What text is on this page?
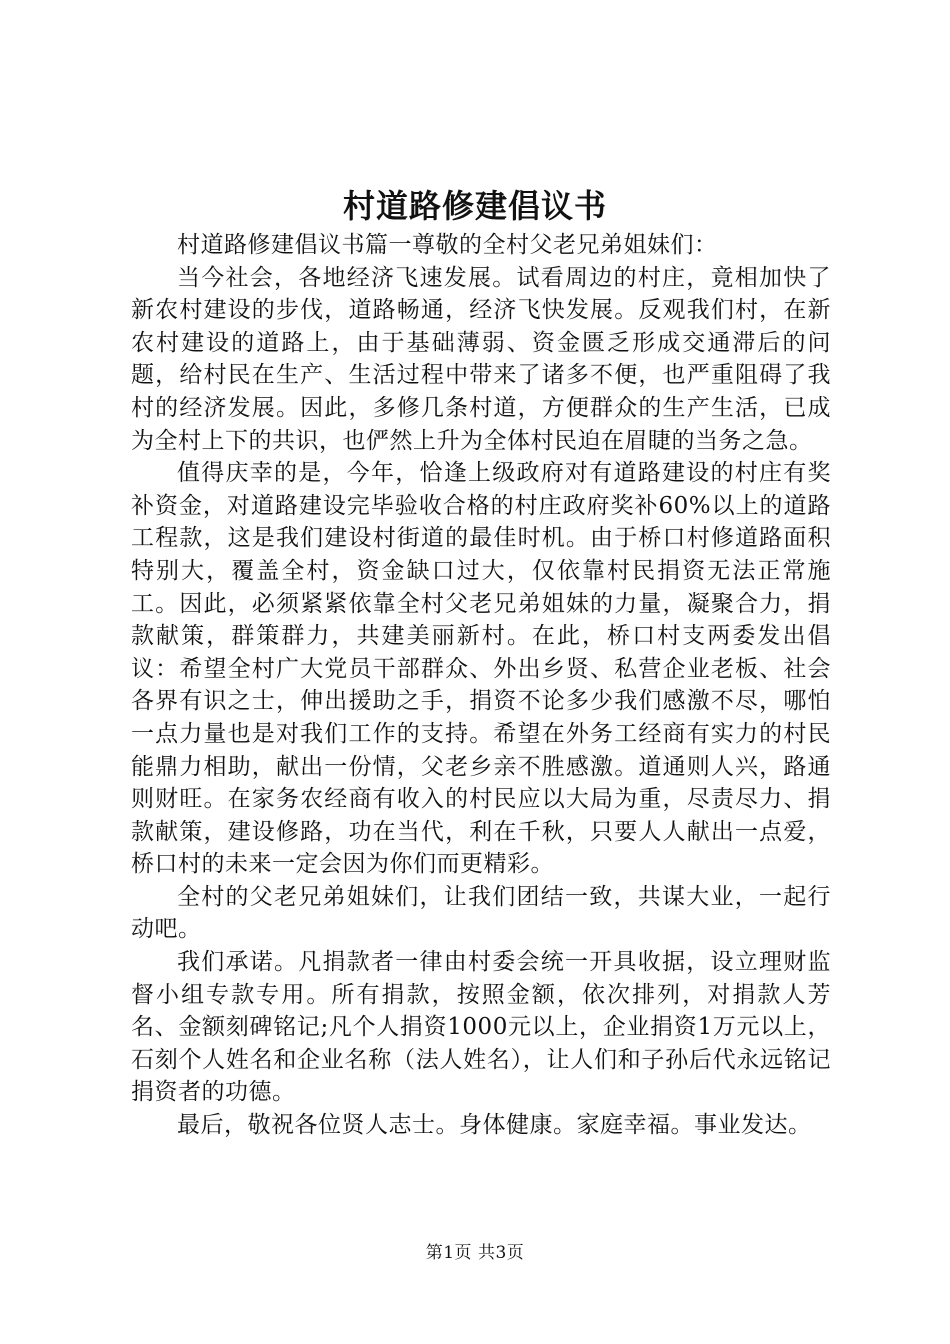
村道路修建倡议书

村道路修建倡议书篇一尊敬的全村父老兄弟姐妹们：

当今社会，各地经济飞速发展。试看周边的村庄，竟相加快了新农村建设的步伐，道路畅通，经济飞快发展。反观我们村，在新农村建设的道路上，由于基础薄弱、资金匮乏形成交通滞后的问题，给村民在生产、生活过程中带来了诸多不便，也严重阻碍了我村的经济发展。因此，多修几条村道，方便群众的生产生活，已成为全村上下的共识，也俨然上升为全体村民迫在眉睫的当务之急。

值得庆幸的是，今年，恰逢上级政府对有道路建设的村庄有奖补资金，对道路建设完毕验收合格的村庄政府奖补60%以上的道路工程款，这是我们建设村街道的最佳时机。由于桥口村修道路面积特别大，覆盖全村，资金缺口过大，仅依靠村民捐资无法正常施工。因此，必须紧紧依靠全村父老兄弟姐妹的力量，凝聚合力，捐款献策，群策群力，共建美丽新村。在此，桥口村支两委发出倡议：希望全村广大党员干部群众、外出乡贤、私营企业老板、社会各界有识之士，伸出援助之手，捐资不论多少我们感激不尽，哪怕一点力量也是对我们工作的支持。希望在外务工经商有实力的村民能鼎力相助，献出一份情，父老乡亲不胜感激。道通则人兴，路通则财旺。在家务农经商有收入的村民应以大局为重，尽责尽力、捐款献策，建设修路，功在当代，利在千秋，只要人人献出一点爱，桥口村的未来一定会因为你们而更精彩。

全村的父老兄弟姐妹们，让我们团结一致，共谋大业，一起行动吧。

我们承诺。凡捐款者一律由村委会统一开具收据，设立理财监督小组专款专用。所有捐款，按照金额，依次排列，对捐款人芳名、金额刻碑铭记;凡个人捐资1000元以上，企业捐资1万元以上，石刻个人姓名和企业名称（法人姓名），让人们和子孙后代永远铭记捐资者的功德。

最后，敬祝各位贤人志士。身体健康。家庭幸福。事业发达。

第1页 共3页
